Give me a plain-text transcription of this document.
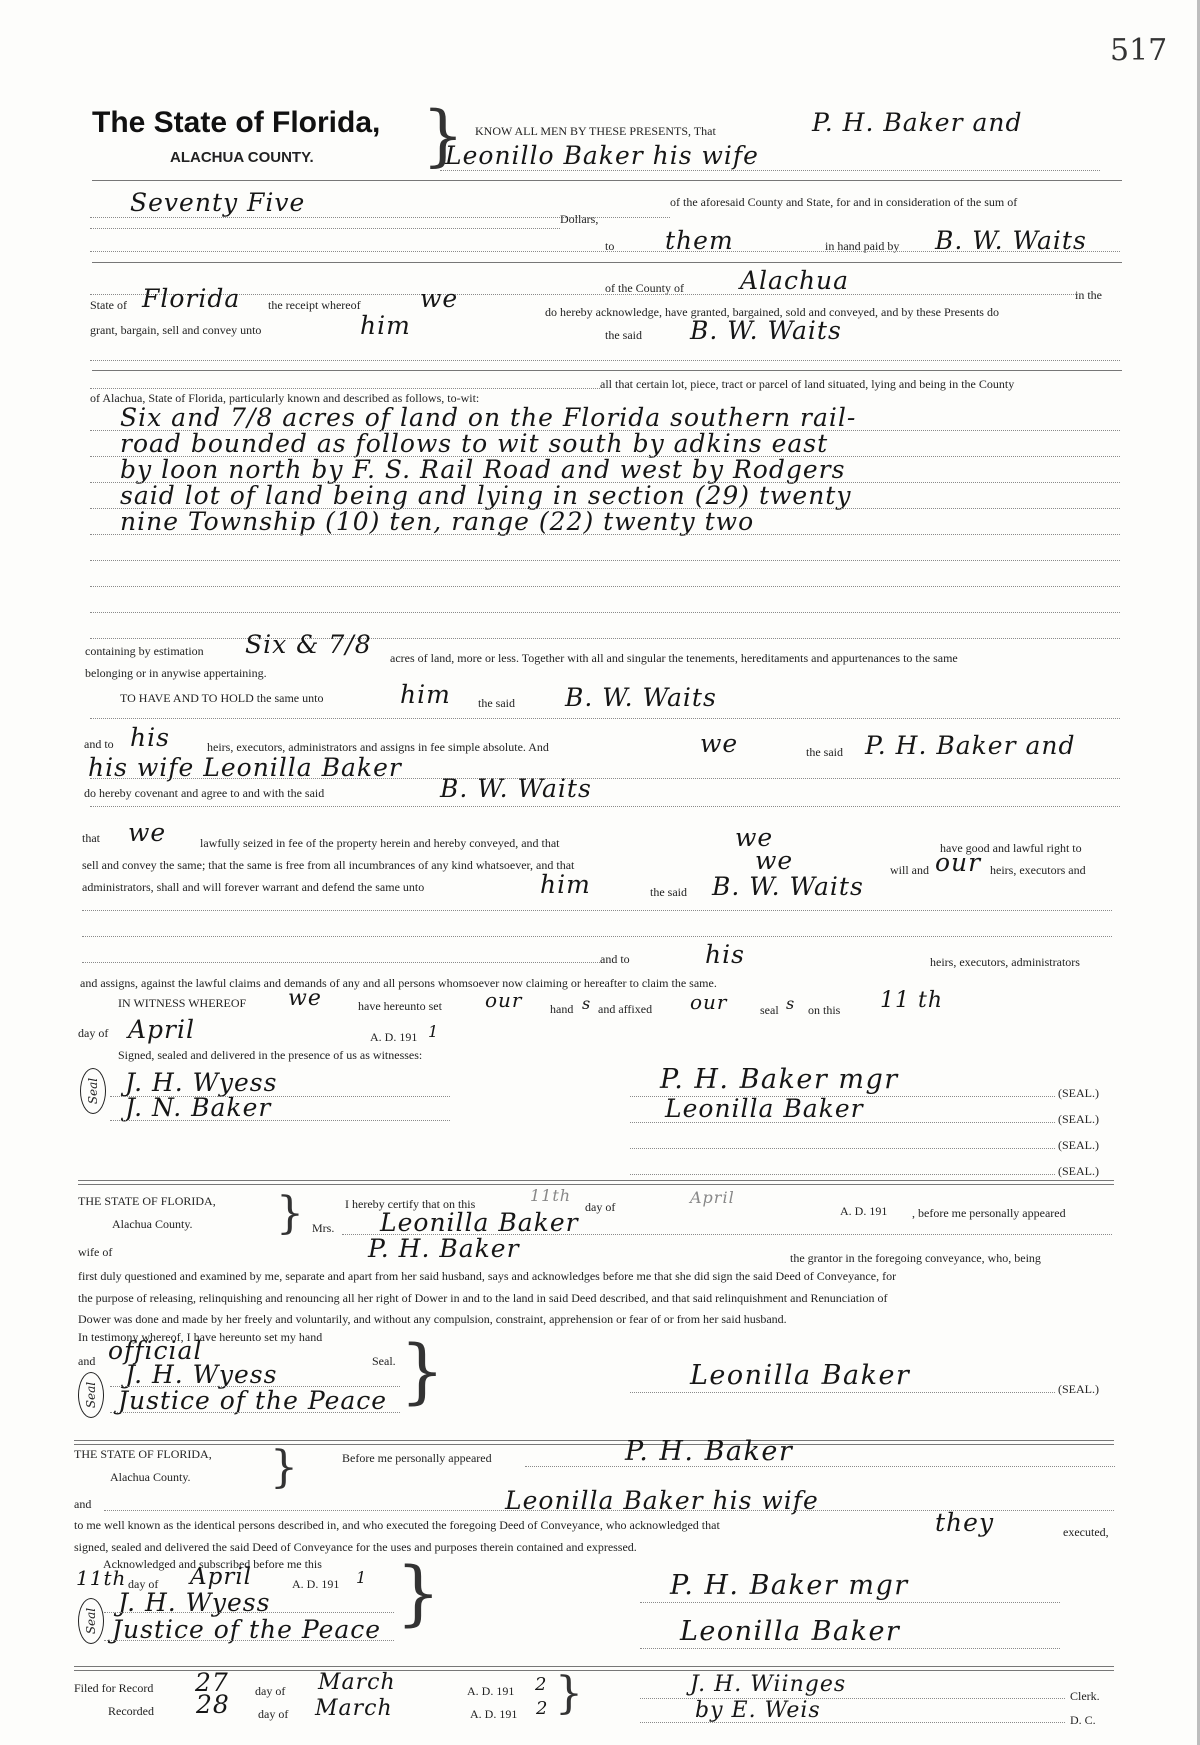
517
The State of Florida,
ALACHUA COUNTY. } KNOW ALL MEN BY THESE PRESENTS, That	P. H. Baker and
Leonillo Baker his wife
Seventy Five	of the aforesaid County and State, for and in consideration of the sum of
Dollars,
to them	in hand paid by B. W. Waits
of the County of Alachua	in the
State of Florida the receipt whereof we	do hereby acknowledge, have granted, bargained, sold and conveyed, and by these Presents do
grant, bargain, sell and convey unto	him	the said B. W. Waits
all that certain lot, piece, tract or parcel of land situated, lying and being in the County
of Alachua, State of Florida, particularly known and described as follows, to-wit:
Six and 7/8 acres of land on the Florida southern rail-
road bounded as follows to wit south by adkins east
by loon north by F. S. Rail Road and west by Rodgers
said lot of land being and lying in section (29) twenty
nine Township (10) ten, range (22) twenty two
containing by estimation Six & 7/8 acres of land, more or less. Together with all and singular the tenements, hereditaments and appurtenances to the same
belonging or in anywise appertaining.
TO HAVE AND TO HOLD the same unto	him the said B. W. Waits
and to his	heirs, executors, administrators and assigns in fee simple absolute. And	we	the said P. H. Baker and
his wife Leonilla Baker
do hereby covenant and agree to and with the said	B. W. Waits
that we	lawfully seized in fee of the property herein and hereby conveyed, and that	we	have good and lawful right to
sell and convey the same; that the same is free from all incumbrances of any kind whatsoever, and that	we	will and our heirs, executors and
administrators, shall and will forever warrant and defend the same unto	him	the said B. W. Waits
and to	his	heirs, executors, administrators
and assigns, against the lawful claims and demands of any and all persons whomsoever now claiming or hereafter to claim the same.
IN WITNESS WHEREOF we	have hereunto set our hand s and affixed our	seal s on this 11 th
day of April	A. D. 191 1
Signed, sealed and delivered in the presence of us as witnesses:
Seal J. H. Wyess
J. N. Baker
P. H. Baker mgr
Leonilla Baker
(SEAL.)
(SEAL.)
(SEAL.)
(SEAL.)
THE STATE OF FLORIDA,
Alachua County. }	I hereby certify that on this	11th
day of	April
A. D. 191 , before me personally appeared
Mrs. Leonilla Baker
wife of	P. H. Baker	the grantor in the foregoing conveyance, who, being
first duly questioned and examined by me, separate and apart from her said husband, says and acknowledges before me that she did sign the said Deed of Conveyance, for
the purpose of releasing, relinquishing and renouncing all her right of Dower in and to the land in said Deed described, and that said relinquishment and Renunciation of
Dower was done and made by her freely and voluntarily, and without any compulsion, constraint, apprehension or fear of or from her said husband.
In testimony whereof, I have hereunto set my hand
and official	Seal. }
Seal
J. H. Wyess
Justice of the Peace
Leonilla Baker	(SEAL.)
THE STATE OF FLORIDA,
Alachua County. }	Before me personally appeared	P. H. Baker
and	Leonilla Baker his wife
to me well known as the identical persons described in, and who executed the foregoing Deed of Conveyance, who acknowledged that	they	executed,
signed, sealed and delivered the said Deed of Conveyance for the uses and purposes therein contained and expressed.
Acknowledged and subscribed before me this
11th day of April	A. D. 191 1 }
Seal
J. H. Wyess
Justice of the Peace
P. H. Baker mgr
Leonilla Baker
Filed for Record 27 day of March	A. D. 191 2
Recorded 28 day of March	A. D. 191 2 }	J. H. Wiinges	Clerk.
by E. Weis	D. C.
